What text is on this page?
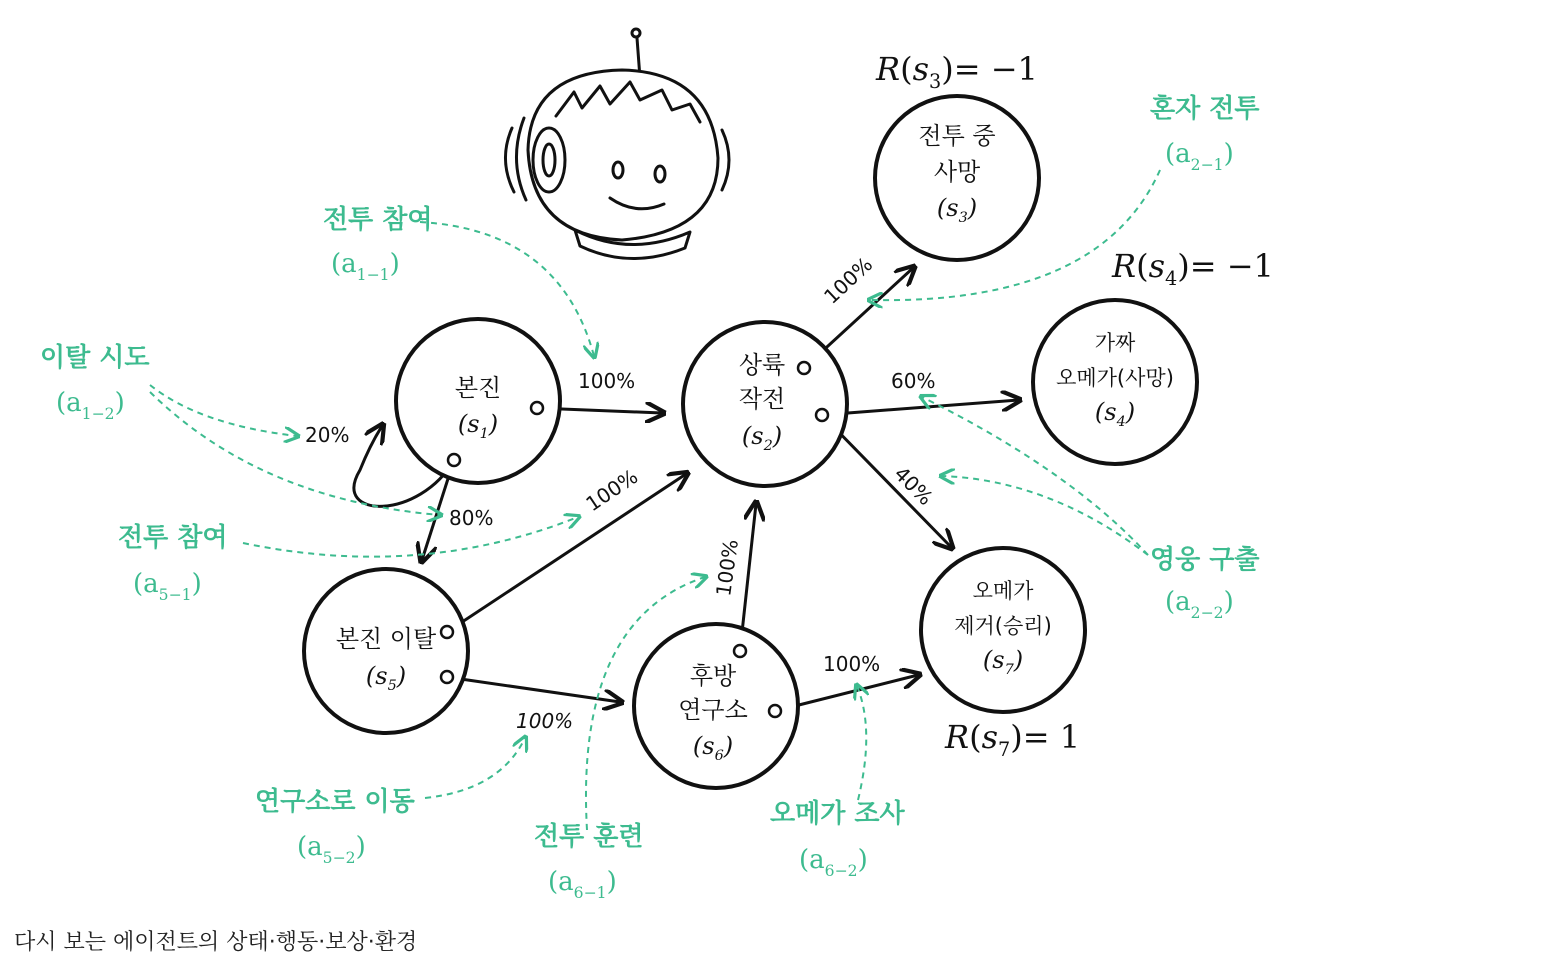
본진
$(s_1)$
상륙
작전
$(s_2)$
전투 중
사망
$(s_3)$
가짜
오메가(사망)
$(s_4)$
본진 이탈
$(s_5)$	후방
연구소
$(s_6)$
오메가
제거(승리)
$(s_7)$
100%
20%
80%
100%
100%
100%
100%
100%
60%
40%
$R(s_3)= -1$
$R(s_4)= -1$
$R(s_7)= 1$
전투 참여
$(a_{1-1})$
이탈 시도
$(a_{1-2})$
전투 참여
$(a_{5-1})$
연구소로 이동
$(a_{5-2})$	전투 훈련
$(a_{6-1})$
오메가 조사
$(a_{6-2})$
혼자 전투
$(a_{2-1})$
영웅 구출
$(a_{2-2})$
다시 보는 에이전트의 상태·행동·보상·환경
